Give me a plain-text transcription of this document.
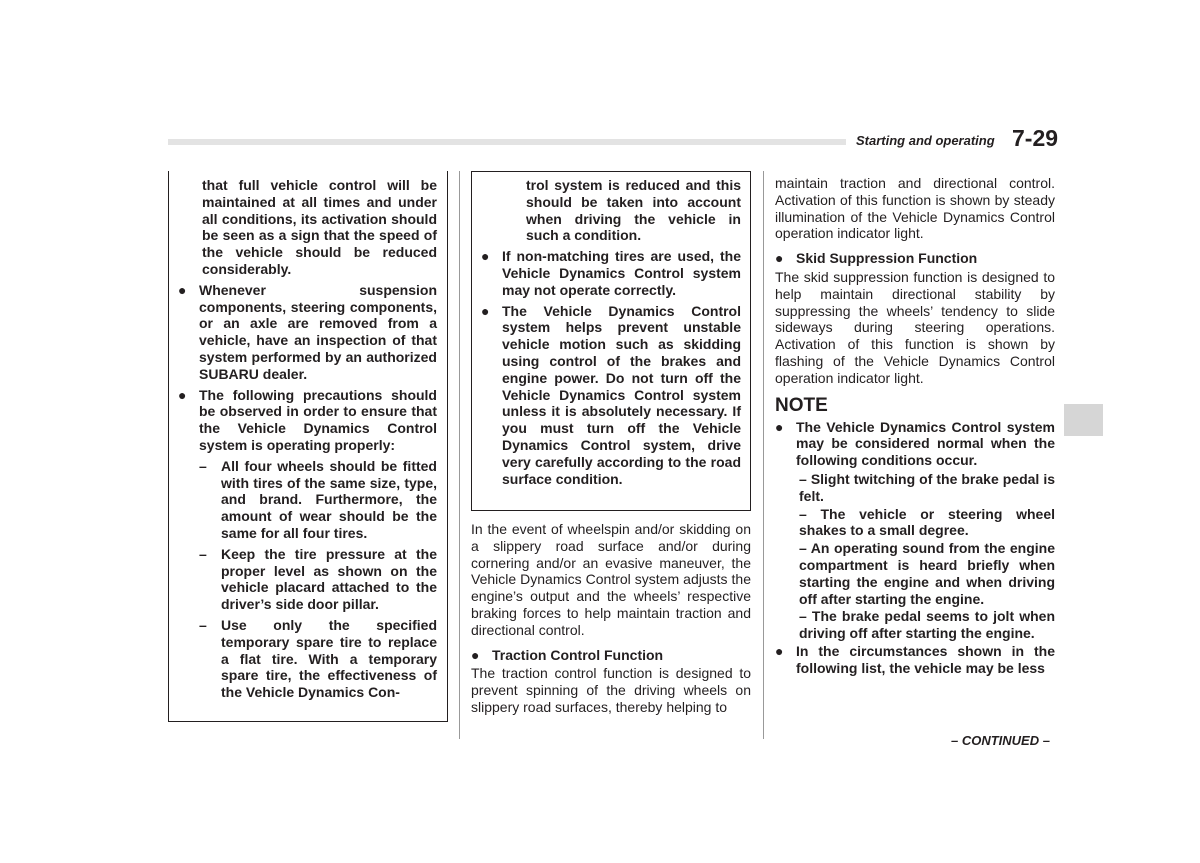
Starting and operating 7-29

that full vehicle control will be maintained at all times and under all conditions, its activation should be seen as a sign that the speed of the vehicle should be reduced considerably.

● Whenever suspension components, steering components, or an axle are removed from a vehicle, have an inspection of that system performed by an authorized SUBARU dealer.
● The following precautions should be observed in order to ensure that the Vehicle Dynamics Control system is operating properly:
–	All four wheels should be fitted with tires of the same size, type, and brand. Furthermore, the amount of wear should be the same for all four tires.
–	Keep the tire pressure at the proper level as shown on the vehicle placard attached to the driver’s side door pillar.
–	Use only the specified temporary spare tire to replace a flat tire. With a temporary spare tire, the effectiveness of the Vehicle Dynamics Con-

trol system is reduced and this should be taken into account when driving the vehicle in such a condition.

● If non-matching tires are used, the Vehicle Dynamics Control system may not operate correctly.
● The Vehicle Dynamics Control system helps prevent unstable vehicle motion such as skidding using control of the brakes and engine power. Do not turn off the Vehicle Dynamics Control system unless it is absolutely necessary. If you must turn off the Vehicle Dynamics Control system, drive very carefully according to the road surface condition.

In the event of wheelspin and/or skidding on a slippery road surface and/or during cornering and/or an evasive maneuver, the Vehicle Dynamics Control system adjusts the engine’s output and the wheels’ respective braking forces to help maintain traction and directional control.

● Traction Control Function

The traction control function is designed to prevent spinning of the driving wheels on slippery road surfaces, thereby helping to

maintain traction and directional control. Activation of this function is shown by steady illumination of the Vehicle Dynamics Control operation indicator light.

● Skid Suppression Function

The skid suppression function is designed to help maintain directional stability by suppressing the wheels’ tendency to slide sideways during steering operations. Activation of this function is shown by flashing of the Vehicle Dynamics Control operation indicator light.

NOTE
● The Vehicle Dynamics Control system may be considered normal when the following conditions occur.
– Slight twitching of the brake pedal is felt.
– The vehicle or steering wheel shakes to a small degree.
– An operating sound from the engine compartment is heard briefly when starting the engine and when driving off after starting the engine.
– The brake pedal seems to jolt when driving off after starting the engine.
● In the circumstances shown in the following list, the vehicle may be less
– CONTINUED –
